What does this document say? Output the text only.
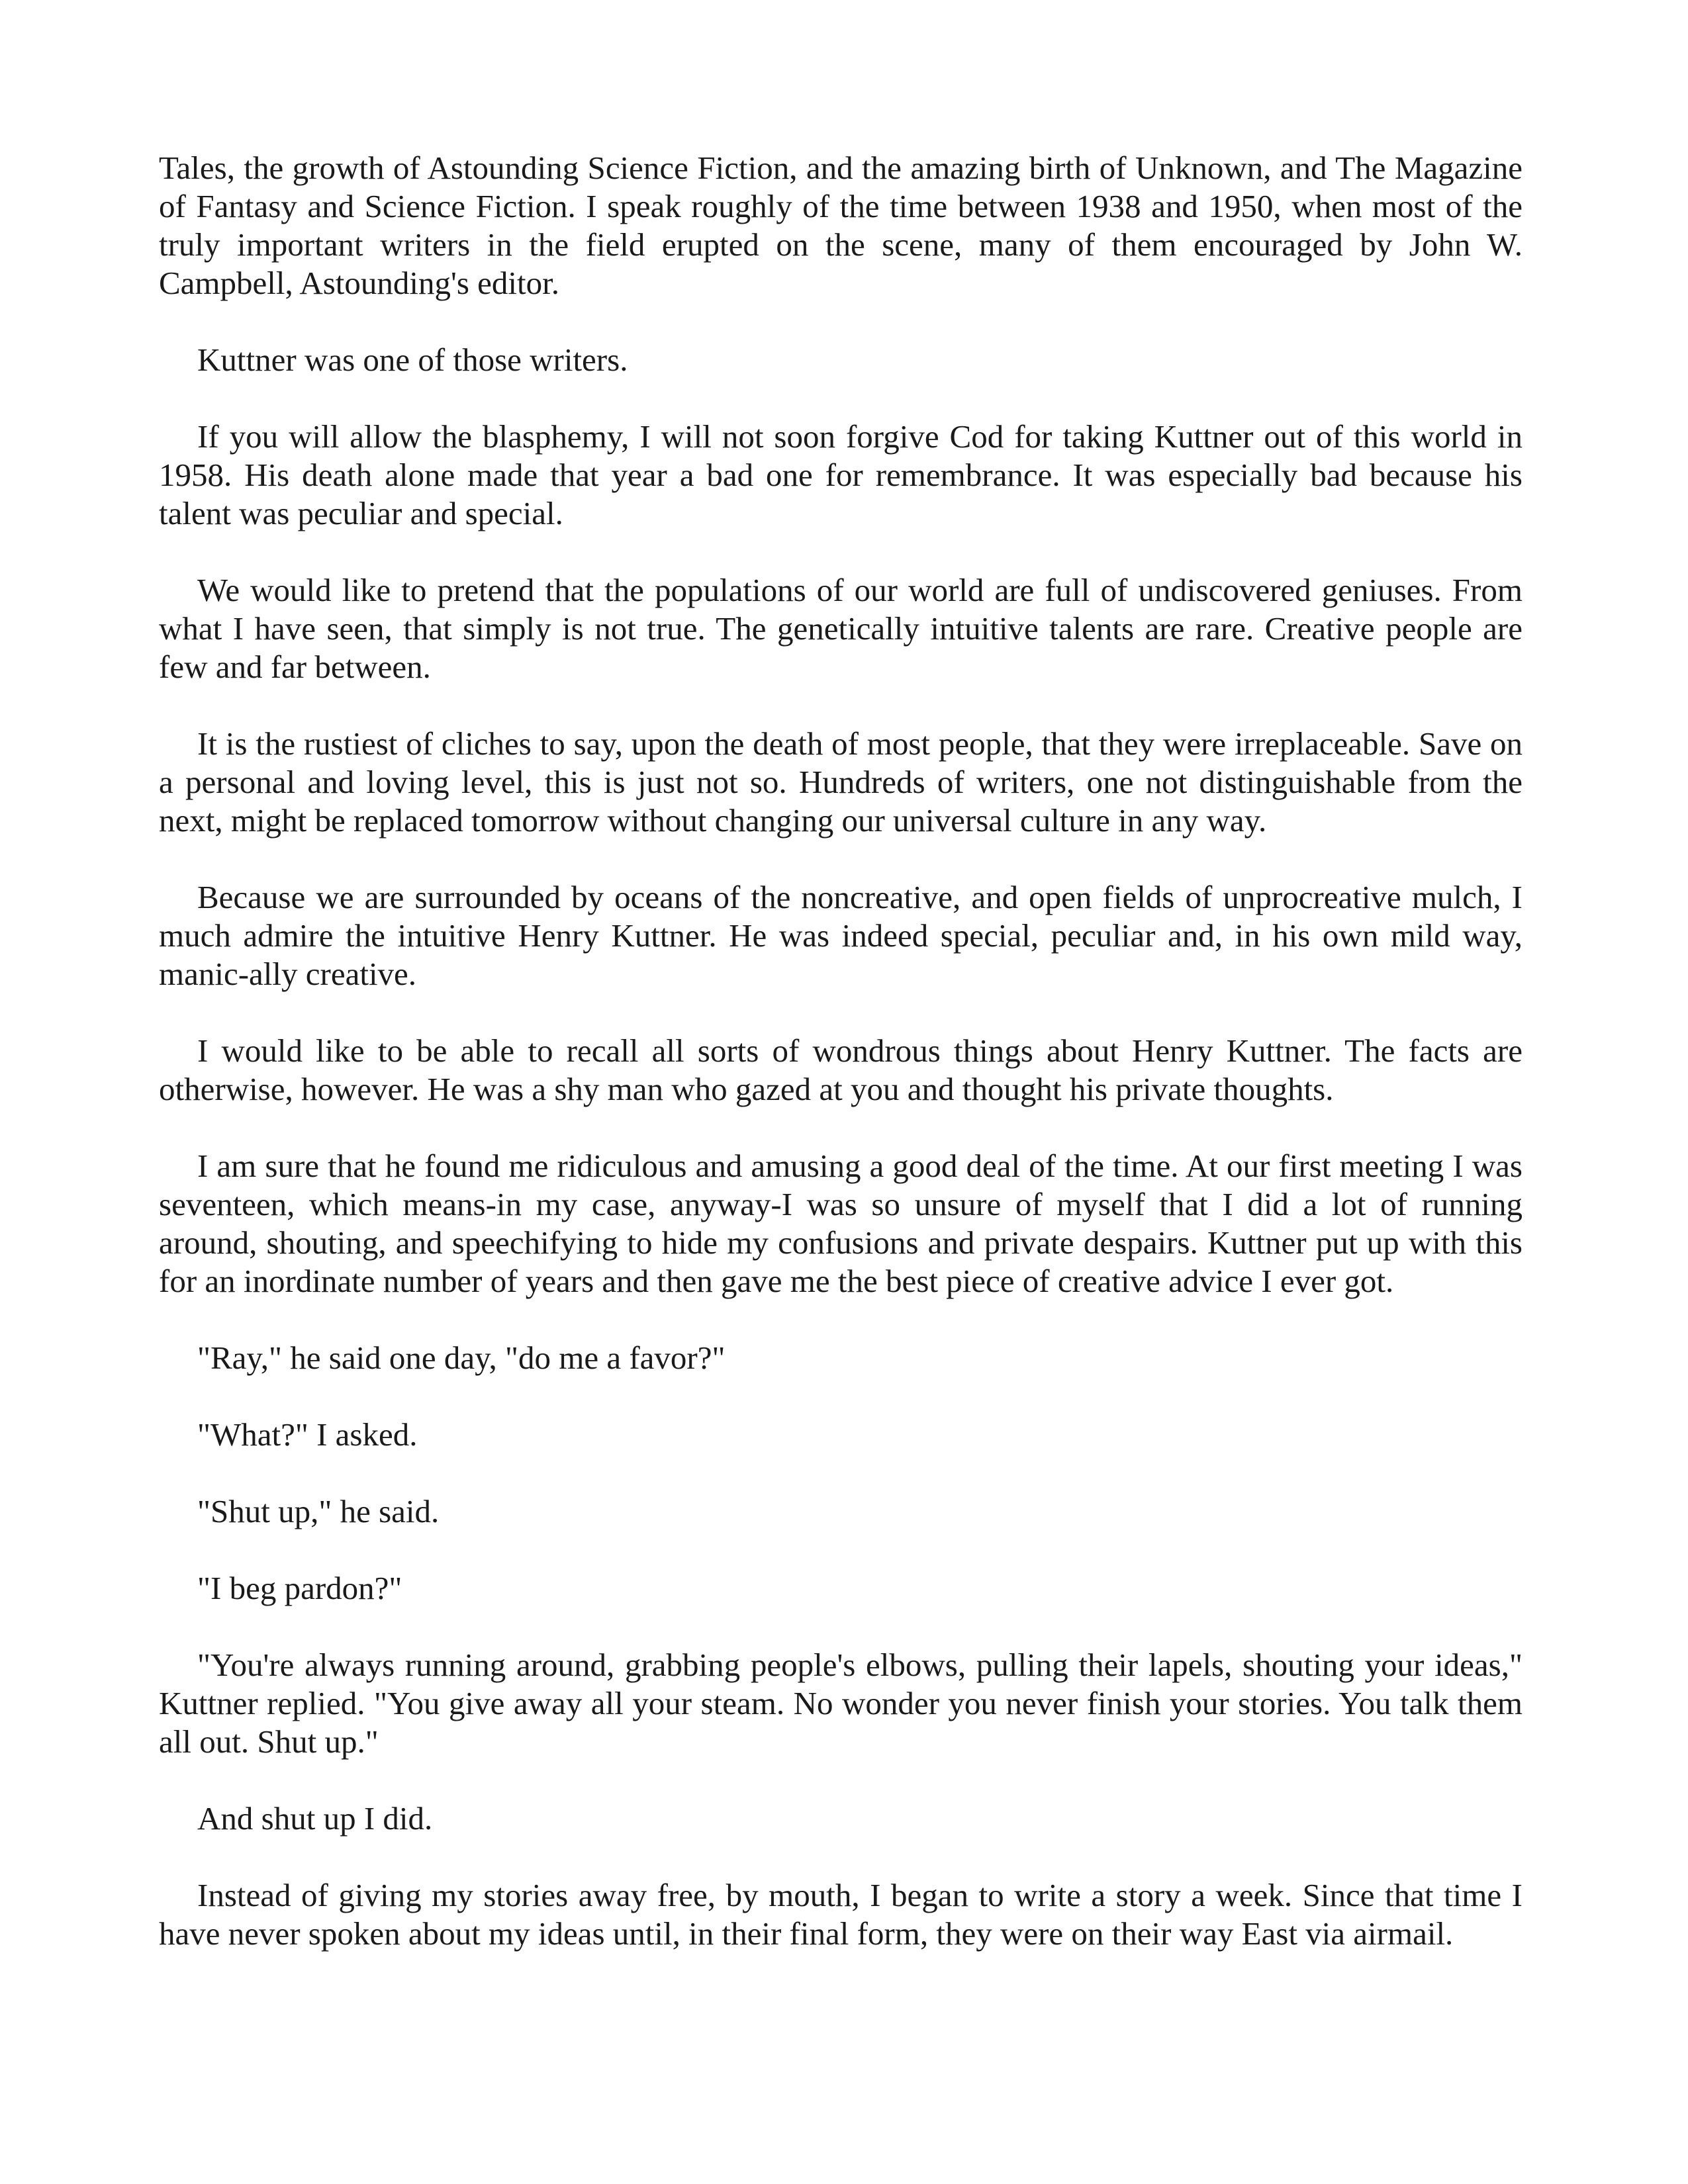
Tales, the growth of Astounding Science Fiction, and the amazing birth of Unknown, and The Magazine of Fantasy and Science Fiction. I speak roughly of the time between 1938 and 1950, when most of the truly important writers in the field erupted on the scene, many of them encouraged by John W. Campbell, Astounding's editor.

Kuttner was one of those writers.

If you will allow the blasphemy, I will not soon forgive Cod for taking Kuttner out of this world in 1958. His death alone made that year a bad one for remembrance. It was especially bad because his talent was peculiar and special.

We would like to pretend that the populations of our world are full of undiscovered geniuses. From what I have seen, that simply is not true. The genetically intuitive talents are rare. Creative people are few and far between.

It is the rustiest of cliches to say, upon the death of most people, that they were irreplaceable. Save on a personal and loving level, this is just not so. Hundreds of writers, one not distinguishable from the next, might be replaced tomorrow without changing our universal culture in any way.

Because we are surrounded by oceans of the noncreative, and open fields of unprocreative mulch, I much admire the intuitive Henry Kuttner. He was indeed special, peculiar and, in his own mild way, manic-ally creative.

I would like to be able to recall all sorts of wondrous things about Henry Kuttner. The facts are otherwise, however. He was a shy man who gazed at you and thought his private thoughts.

I am sure that he found me ridiculous and amusing a good deal of the time. At our first meeting I was seventeen, which means-in my case, anyway-I was so unsure of myself that I did a lot of running around, shouting, and speechifying to hide my confusions and private despairs. Kuttner put up with this for an inordinate number of years and then gave me the best piece of creative advice I ever got.

"Ray," he said one day, "do me a favor?"

"What?" I asked.

"Shut up," he said.

"I beg pardon?"

"You're always running around, grabbing people's elbows, pulling their lapels, shouting your ideas," Kuttner replied. "You give away all your steam. No wonder you never finish your stories. You talk them all out. Shut up."

And shut up I did.

Instead of giving my stories away free, by mouth, I began to write a story a week. Since that time I have never spoken about my ideas until, in their final form, they were on their way East via airmail.
